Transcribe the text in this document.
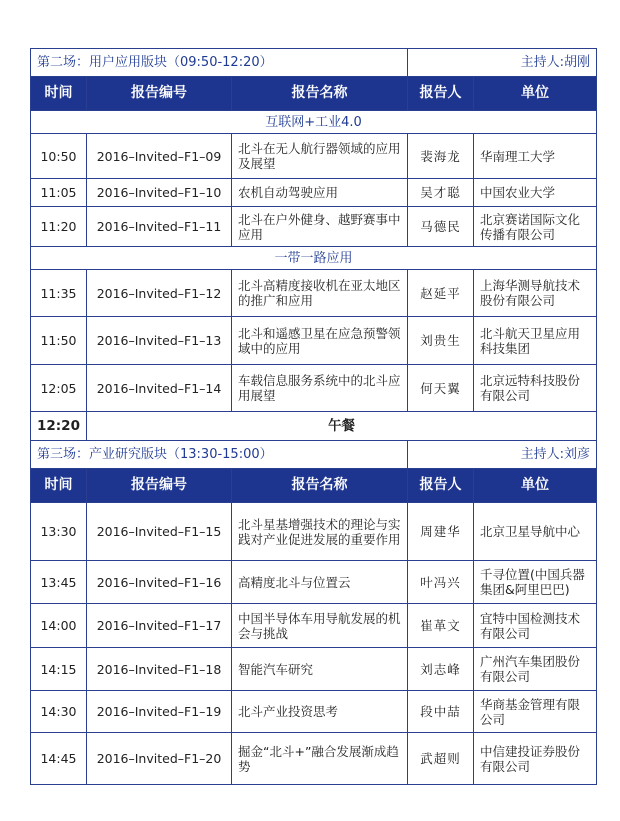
第二场：用户应用版块（09:50-12:20）			主持人:胡刚	
时间	报告编号	报告名称	报告人	单位
互联网+工业4.0				
10:50	2016–Invited–F1–09	北斗在无人航行器领域的应用及展望	裴海龙	华南理工大学
11:05	2016–Invited–F1–10	农机自动驾驶应用	吴才聪	中国农业大学
11:20	2016–Invited–F1–11	北斗在户外健身、越野赛事中应用	马德民	北京赛诺国际文化传播有限公司
一带一路应用				
11:35	2016–Invited–F1–12	北斗高精度接收机在亚太地区的推广和应用	赵延平	上海华测导航技术股份有限公司
11:50	2016–Invited–F1–13	北斗和遥感卫星在应急预警领域中的应用	刘贵生	北斗航天卫星应用科技集团
12:05	2016–Invited–F1–14	车载信息服务系统中的北斗应用展望	何天翼	北京远特科技股份有限公司
12:20	午餐			
第三场：产业研究版块（13:30-15:00）			主持人:刘彦	
时间	报告编号	报告名称	报告人	单位
13:30	2016–Invited–F1–15	北斗星基增强技术的理论与实践对产业促进发展的重要作用	周建华	北京卫星导航中心
13:45	2016–Invited–F1–16	高精度北斗与位置云	叶冯兴	千寻位置(中国兵器集团&阿里巴巴)
14:00	2016–Invited–F1–17	中国半导体车用导航发展的机会与挑战	崔革文	宜特中国检测技术有限公司
14:15	2016–Invited–F1–18	智能汽车研究	刘志峰	广州汽车集团股份有限公司
14:30	2016–Invited–F1–19	北斗产业投资思考	段中喆	华商基金管理有限公司
14:45	2016–Invited–F1–20	掘金“北斗+”融合发展渐成趋势	武超则	中信建投证券股份有限公司
